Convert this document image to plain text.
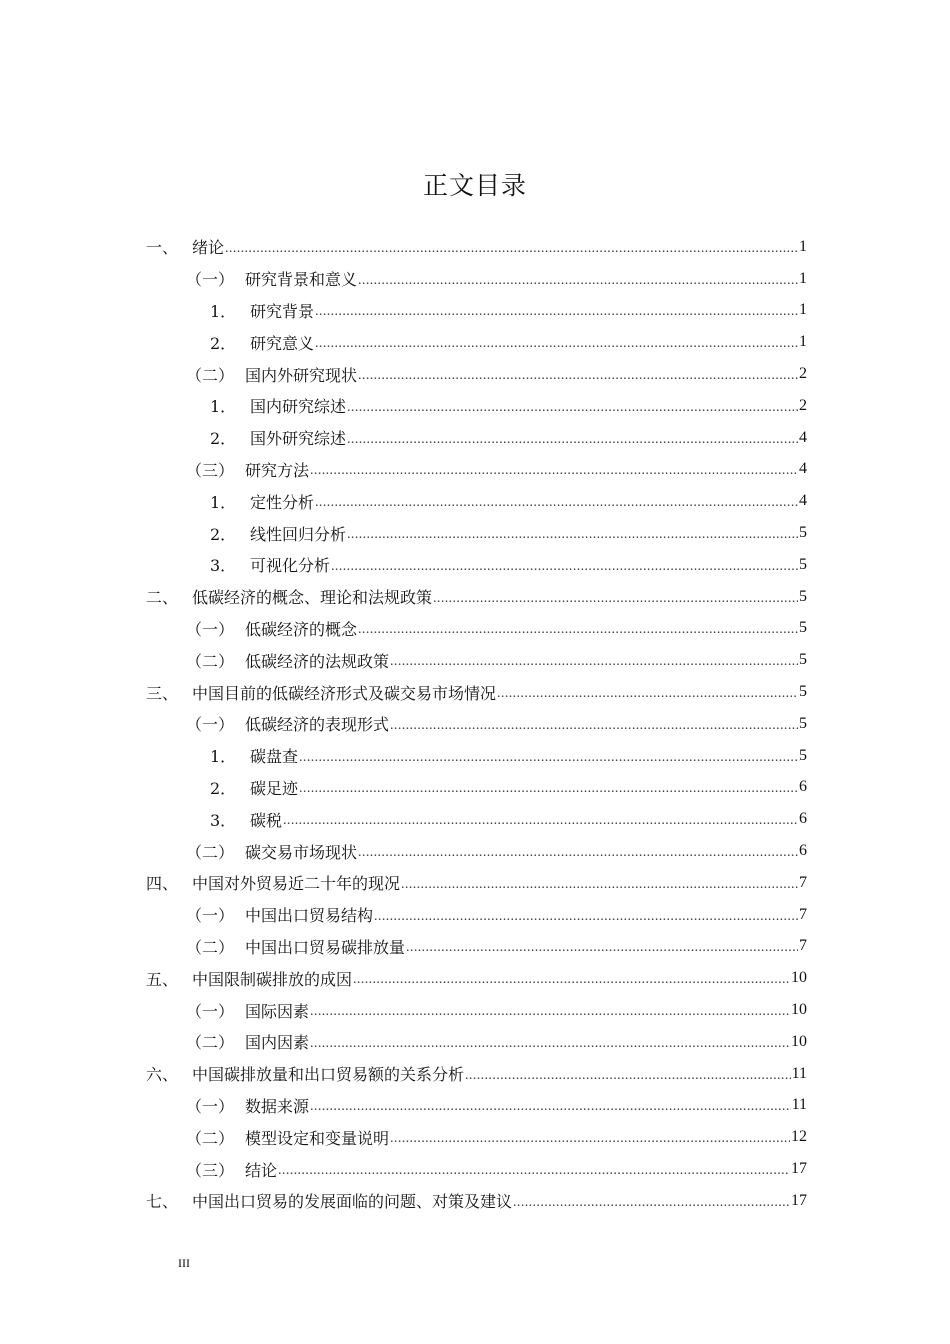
正文目录
一、 绪论 .....	1
（一） 研究背景和意义 .....	1
1． 研究背景 .....	1
2． 研究意义 .....	1
（二） 国内外研究现状 .....	2
1． 国内研究综述 .....	2
2． 国外研究综述 .....	4
（三） 研究方法 .....	4
1． 定性分析 .....	4
2． 线性回归分析 .....	5
3． 可视化分析 .....	5
二、 低碳经济的概念、理论和法规政策 .....	5
（一） 低碳经济的概念 .....	5
（二） 低碳经济的法规政策 .....	5
三、 中国目前的低碳经济形式及碳交易市场情况 .....	5
（一） 低碳经济的表现形式 .....	5
1． 碳盘查 .....	5
2． 碳足迹 .....	6
3． 碳税 .....	6
（二） 碳交易市场现状 .....	6
四、 中国对外贸易近二十年的现况 .....	7
（一） 中国出口贸易结构 .....	7
（二） 中国出口贸易碳排放量 .....	7
五、 中国限制碳排放的成因 .....	10
（一） 国际因素 .....	10
（二） 国内因素 .....	10
六、 中国碳排放量和出口贸易额的关系分析 .....	11
（一） 数据来源 .....	11
（二） 模型设定和变量说明 .....	12
（三） 结论 .....	17
七、 中国出口贸易的发展面临的问题、对策及建议 .....	17
III
